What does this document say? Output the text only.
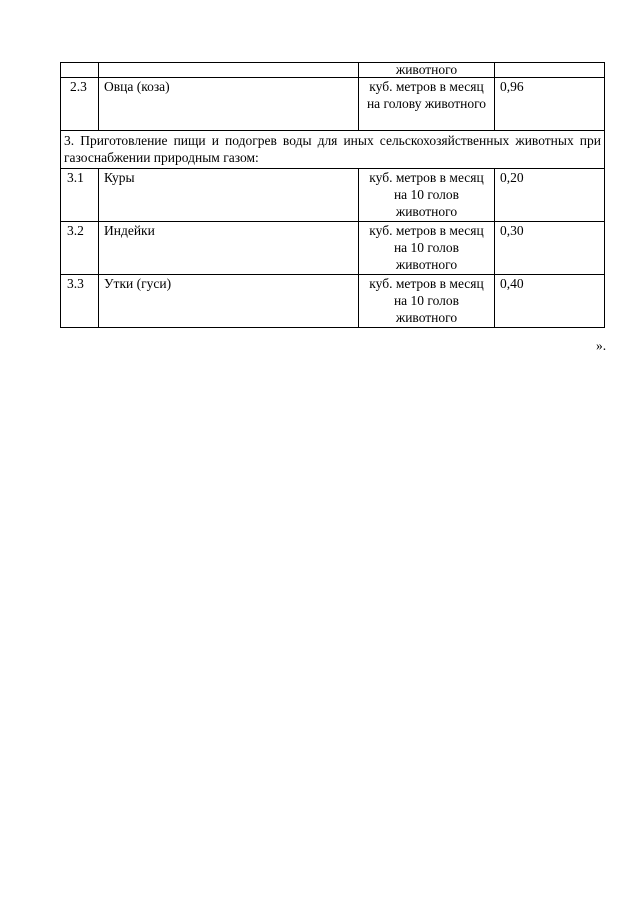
		животного	
2.3	Овца (коза)	куб. метров в месяц на голову животного	0,96
3. Приготовление пищи и подогрев воды для иных сельскохозяйственных животных при газоснабжении природным газом:			
3.1	Куры	куб. метров в месяц на 10 голов животного	0,20
3.2	Индейки	куб. метров в месяц на 10 голов животного	0,30
3.3	Утки (гуси)	куб. метров в месяц на 10 голов животного	0,40
».
